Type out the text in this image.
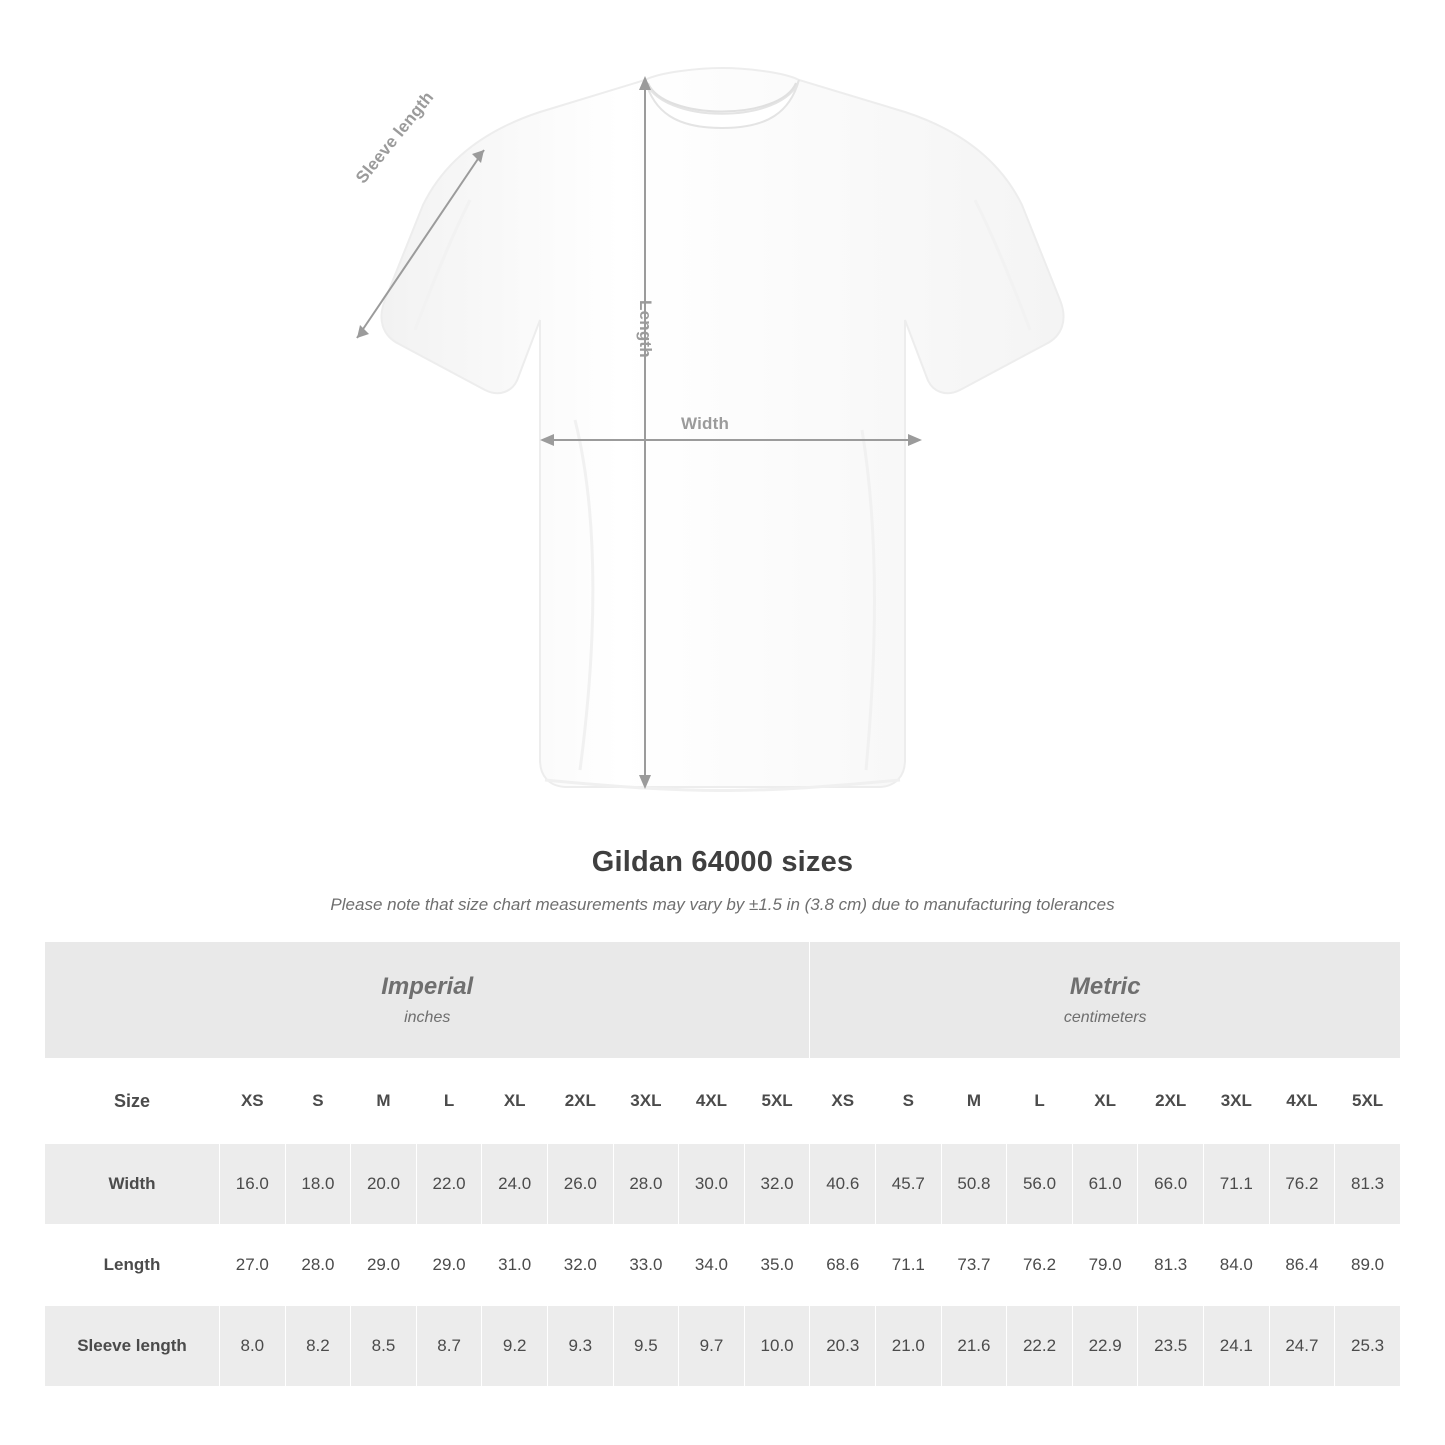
Sleeve length
Length
Width
Gildan 64000 sizes
Please note that size chart measurements may vary by ±1.5 in (3.8 cm) due to manufacturing tolerances
Imperial
inches										Metric
centimeters								

Size	XS	S	M	L	XL	2XL	3XL	4XL	5XL	XS	S	M	L	XL	2XL	3XL	4XL	5XL
Width	16.0	18.0	20.0	22.0	24.0	26.0	28.0	30.0	32.0	40.6	45.7	50.8	56.0	61.0	66.0	71.1	76.2	81.3
Length	27.0	28.0	29.0	29.0	31.0	32.0	33.0	34.0	35.0	68.6	71.1	73.7	76.2	79.0	81.3	84.0	86.4	89.0
Sleeve length	8.0	8.2	8.5	8.7	9.2	9.3	9.5	9.7	10.0	20.3	21.0	21.6	22.2	22.9	23.5	24.1	24.7	25.3
